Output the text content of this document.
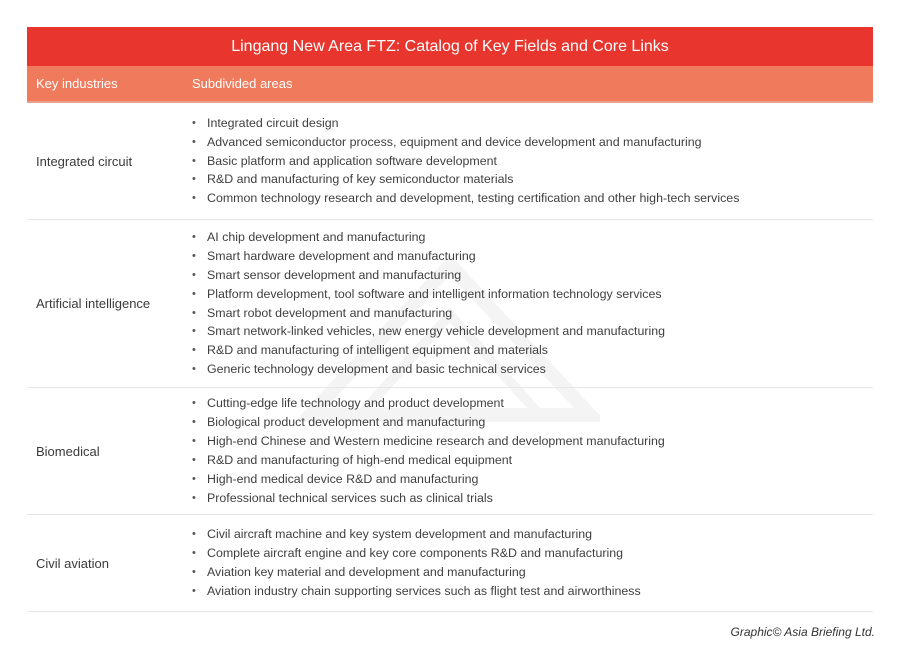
Lingang New Area FTZ: Catalog of Key Fields and Core Links
Key industries	Subdivided areas
Integrated circuit
• Integrated circuit design
• Advanced semiconductor process, equipment and device development and manufacturing
• Basic platform and application software development
• R&D and manufacturing of key semiconductor materials
• Common technology research and development, testing certification and other high-tech services
Artificial intelligence
• AI chip development and manufacturing
• Smart hardware development and manufacturing
• Smart sensor development and manufacturing
• Platform development, tool software and intelligent information technology services
• Smart robot development and manufacturing
• Smart network-linked vehicles, new energy vehicle development and manufacturing
• R&D and manufacturing of intelligent equipment and materials
• Generic technology development and basic technical services
Biomedical
• Cutting-edge life technology and product development
• Biological product development and manufacturing
• High-end Chinese and Western medicine research and development manufacturing
• R&D and manufacturing of high-end medical equipment
• High-end medical device R&D and manufacturing
• Professional technical services such as clinical trials
Civil aviation
• Civil aircraft machine and key system development and manufacturing
• Complete aircraft engine and key core components R&D and manufacturing
• Aviation key material and development and manufacturing
• Aviation industry chain supporting services such as flight test and airworthiness
Graphic© Asia Briefing Ltd.
